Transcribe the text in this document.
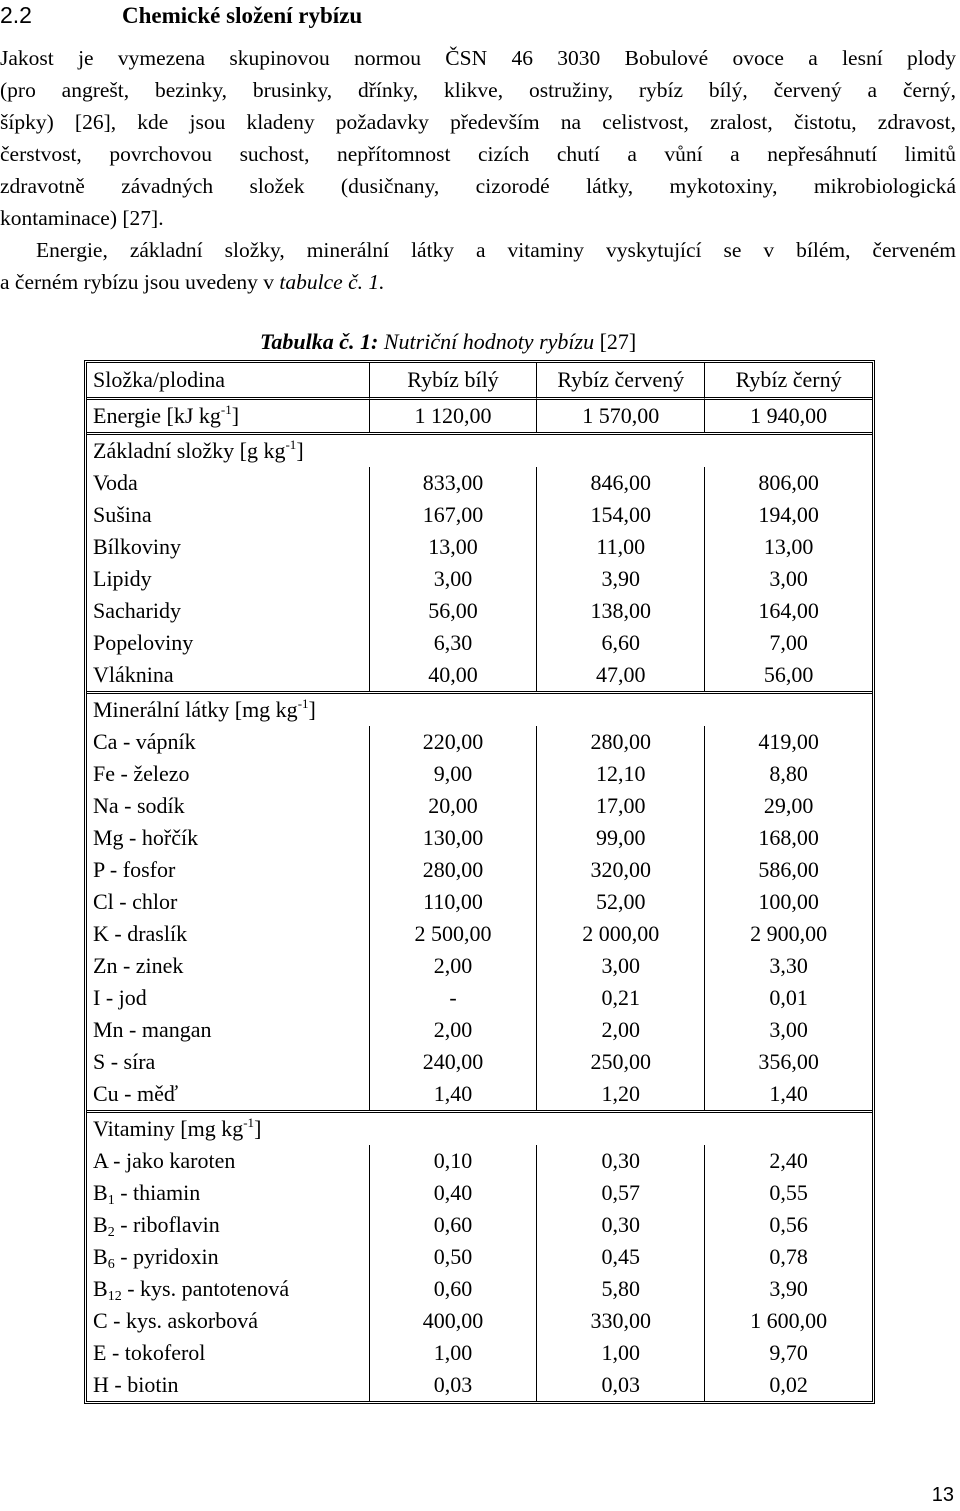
2.2	Chemické složení rybízu
Jakost je vymezena skupinovou normou ČSN 46 3030 Bobulové ovoce a lesní plody
(pro angrešt, bezinky, brusinky, dřínky, klikve, ostružiny, rybíz bílý, červený a černý,
šípky) [26], kde jsou kladeny požadavky především na celistvost, zralost, čistotu, zdravost,
čerstvost, povrchovou suchost, nepřítomnost cizích chutí a vůní a nepřesáhnutí limitů
zdravotně závadných složek (dusičnany, cizorodé látky, mykotoxiny, mikrobiologická
kontaminace) [27].
Energie, základní složky, minerální látky a vitaminy vyskytující se v bílém, červeném
a černém rybízu jsou uvedeny v tabulce č. 1.
Tabulka č. 1: Nutriční hodnoty rybízu [27]
Složka/plodina	Rybíz bílý	Rybíz červený	Rybíz černý
Energie [kJ $kg^{-1}$]	1 120,00	1 570,00	1 940,00
Základní složky [g $kg^{-1}$]			
Voda	833,00	846,00	806,00
Sušina	167,00	154,00	194,00
Bílkoviny	13,00	11,00	13,00
Lipidy	3,00	3,90	3,00
Sacharidy	56,00	138,00	164,00
Popeloviny	6,30	6,60	7,00
Vláknina	40,00	47,00	56,00
Minerální látky [mg $kg^{-1}$]			
Ca - vápník	220,00	280,00	419,00
Fe - železo	9,00	12,10	8,80
Na - sodík	20,00	17,00	29,00
Mg - hořčík	130,00	99,00	168,00
P - fosfor	280,00	320,00	586,00
Cl - chlor	110,00	52,00	100,00
K - draslík	2 500,00	2 000,00	2 900,00
Zn - zinek	2,00	3,00	3,30
I - jod	-	0,21	0,01
Mn - mangan	2,00	2,00	3,00
S - síra	240,00	250,00	356,00
Cu - měď	1,40	1,20	1,40
Vitaminy [mg $kg^{-1}$]			
A - jako karoten	0,10	0,30	2,40
$B_1$ - thiamin	0,40	0,57	0,55
$B_2$ - riboflavin	0,60	0,30	0,56
$B_6$ - pyridoxin	0,50	0,45	0,78
$B_{12}$ - kys. pantotenová	0,60	5,80	3,90
C - kys. askorbová	400,00	330,00	1 600,00
E - tokoferol	1,00	1,00	9,70
H - biotin	0,03	0,03	0,02
13
